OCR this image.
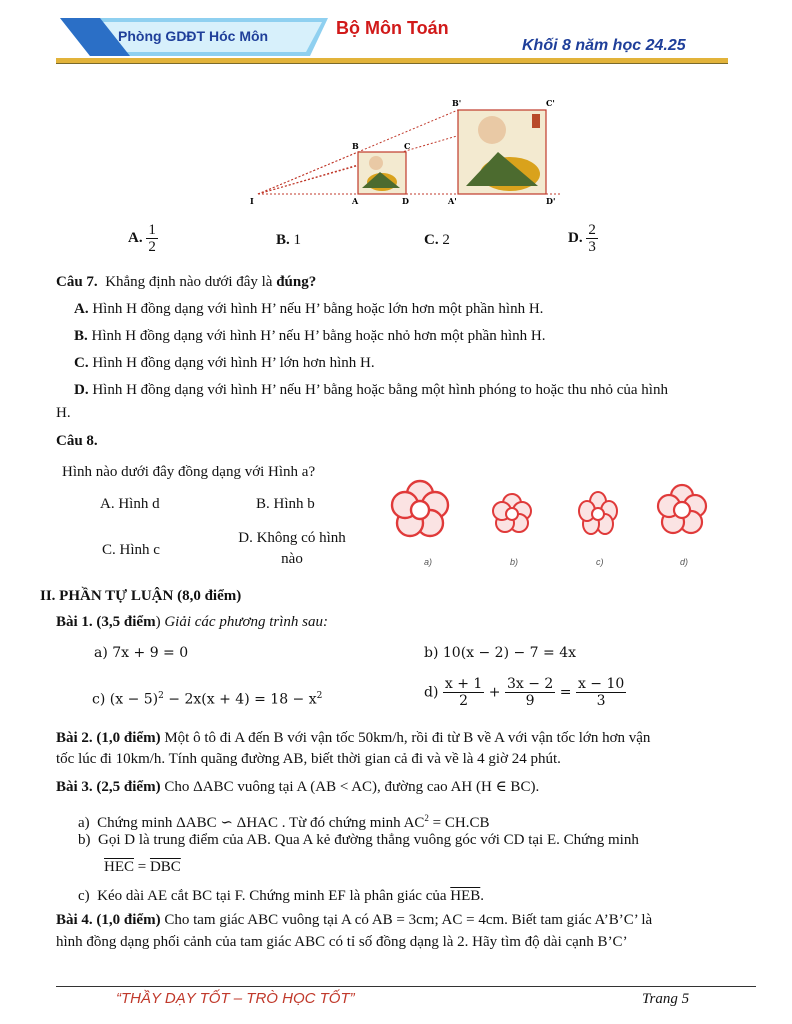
Phòng GDĐT Hóc Môn	Bộ Môn Toán
Khối 8 năm học 24.25
B'	C'
B	C
I	A	D	A'	D'
A. $\frac{1}{2}$	B. 1	C. 2	D. $\frac{2}{3}$
Câu 7. Khẳng định nào dưới đây là đúng?
A. Hình H đồng dạng với hình H’ nếu H’ bằng hoặc lớn hơn một phần hình H.
B. Hình H đồng dạng với hình H’ nếu H’ bằng hoặc nhỏ hơn một phần hình H.
C. Hình H đồng dạng với hình H’ lớn hơn hình H.
D. Hình H đồng dạng với hình H’ nếu H’ bằng hoặc bằng một hình phóng to hoặc thu nhỏ của hình
H.
Câu 8.
Hình nào dưới đây đồng dạng với Hình a?
A. Hình d	B. Hình b
C. Hình c
D. Không có hình
nào	a)	b)	c)	d)
II. PHẦN TỰ LUẬN (8,0 điểm)
Bài 1. (3,5 điểm) Giải các phương trình sau:
a) 7x + 9 = 0	b) 10(x − 2) − 7 = 4x
c) $(x - 5)^2 - 2x(x + 4) = 18 - x^2$	$d) \frac{x + 1}{2} + \frac{3x - 2}{9} = \frac{x - 10}{3}$
Bài 2. (1,0 điểm) Một ô tô đi A đến B với vận tốc 50km/h, rồi đi từ B về A với vận tốc lớn hơn vận
tốc lúc đi 10km/h. Tính quãng đường AB, biết thời gian cả đi và về là 4 giờ 24 phút.
Bài 3. (2,5 điểm) Cho ΔABC vuông tại A (AB < AC), đường cao AH (H ∈ BC).
a) Chứng minh ΔABC ∽ ΔHAC . Từ đó chứng minh $AC^2 = CH.CB$
b) Gọi D là trung điểm của AB. Qua A kẻ đường thẳng vuông góc với CD tại E. Chứng minh
$\overline{HEC} = \overline{DBC}$
c) Kéo dài AE cắt BC tại F. Chứng minh EF là phân giác của $\overline{HEB}$.
Bài 4. (1,0 điểm) Cho tam giác ABC vuông tại A có AB = 3cm; AC = 4cm. Biết tam giác A’B’C’ là
hình đồng dạng phối cảnh của tam giác ABC có tỉ số đồng dạng là 2. Hãy tìm độ dài cạnh B’C’
“THẦY DẠY TỐT – TRÒ HỌC TỐT”	Trang 5
